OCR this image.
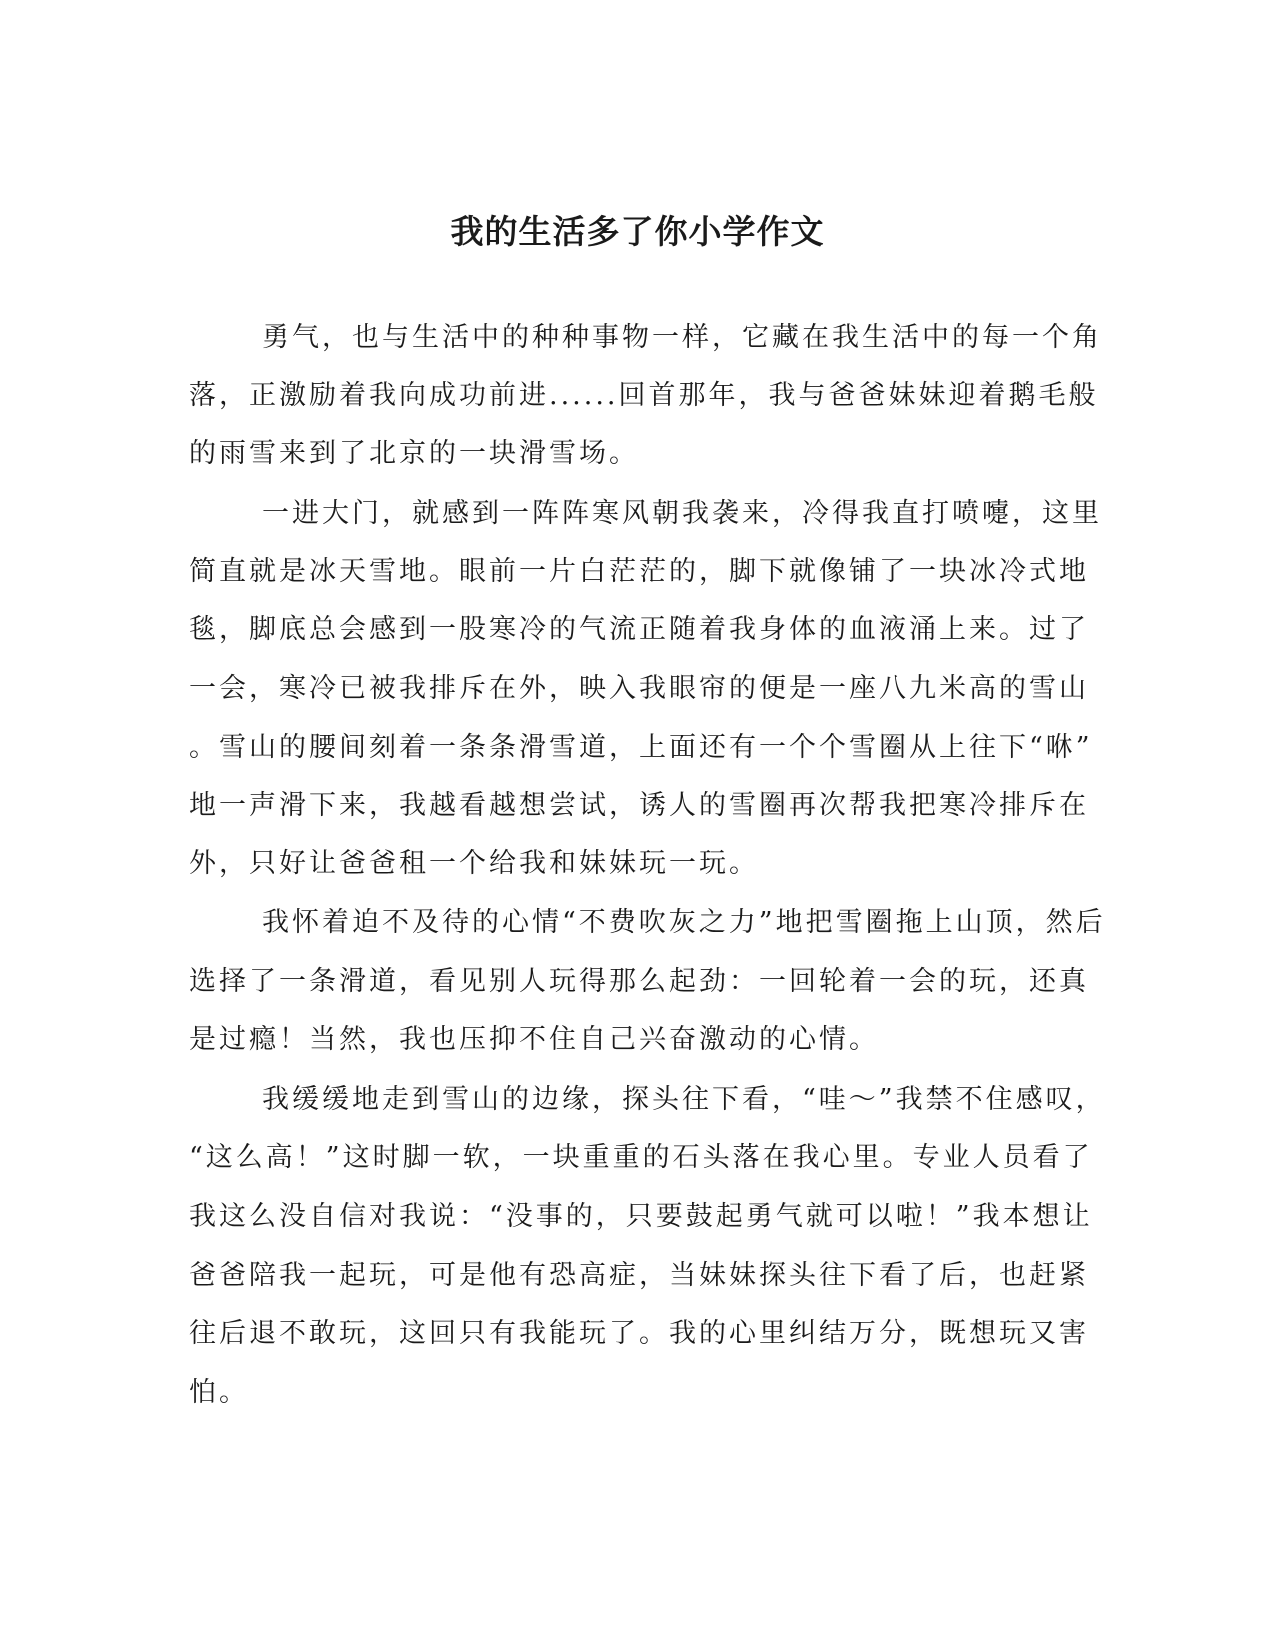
我的生活多了你小学作文
勇气，也与生活中的种种事物一样，它藏在我生活中的每一个角
落，正激励着我向成功前进......回首那年，我与爸爸妹妹迎着鹅毛般
的雨雪来到了北京的一块滑雪场。
一进大门，就感到一阵阵寒风朝我袭来，冷得我直打喷嚏，这里
简直就是冰天雪地。眼前一片白茫茫的，脚下就像铺了一块冰冷式地
毯，脚底总会感到一股寒冷的气流正随着我身体的血液涌上来。过了
一会，寒冷已被我排斥在外，映入我眼帘的便是一座八九米高的雪山
。雪山的腰间刻着一条条滑雪道，上面还有一个个雪圈从上往下“咻”
地一声滑下来，我越看越想尝试，诱人的雪圈再次帮我把寒冷排斥在
外，只好让爸爸租一个给我和妹妹玩一玩。
我怀着迫不及待的心情“不费吹灰之力”地把雪圈拖上山顶，然后
选择了一条滑道，看见别人玩得那么起劲：一回轮着一会的玩，还真
是过瘾！当然，我也压抑不住自己兴奋激动的心情。
我缓缓地走到雪山的边缘，探头往下看，“哇～”我禁不住感叹，
“这么高！”这时脚一软，一块重重的石头落在我心里。专业人员看了
我这么没自信对我说：“没事的，只要鼓起勇气就可以啦！”我本想让
爸爸陪我一起玩，可是他有恐高症，当妹妹探头往下看了后，也赶紧
往后退不敢玩，这回只有我能玩了。我的心里纠结万分，既想玩又害
怕。
